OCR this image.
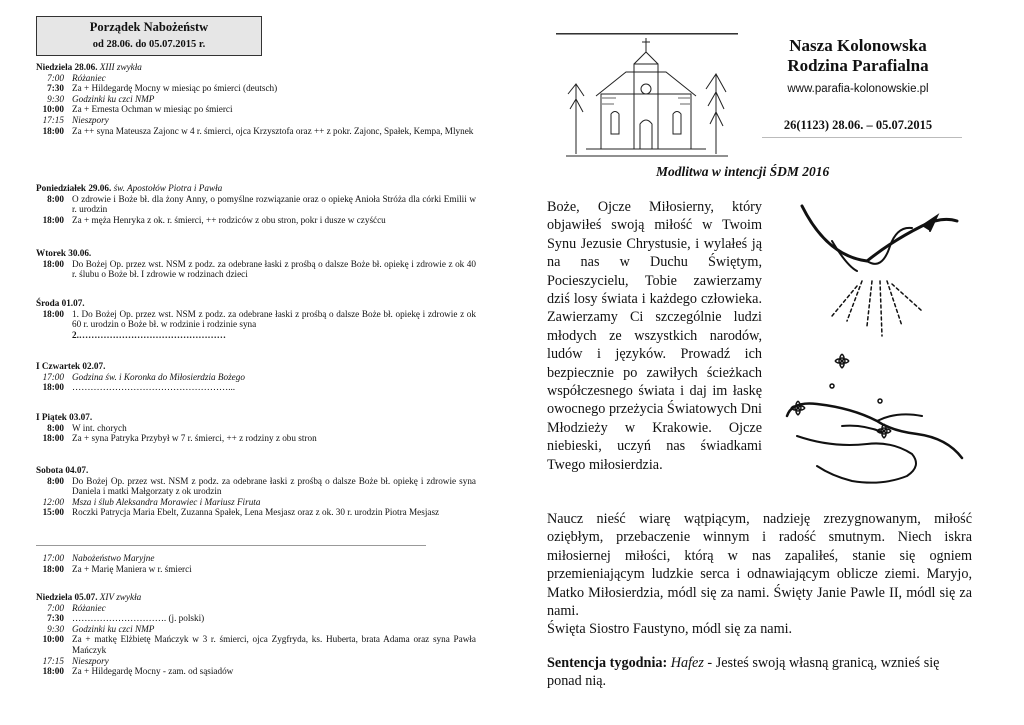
Porządek Nabożeństw
od 28.06. do 05.07.2015 r.
Niedziela 28.06. XIII zwykła
7:00 Różaniec
7:30 Za + Hildegardę Mocny w miesiąc po śmierci (deutsch)
9:30 Godzinki ku czci NMP
10:00 Za + Ernesta Ochman w miesiąc po śmierci
17:15 Nieszpory
18:00 Za ++ syna Mateusza Zajonc w 4 r. śmierci, ojca Krzysztofa oraz ++ z pokr. Zajonc, Spałek, Kempa, Mlynek
Poniedziałek 29.06. św. Apostołów Piotra i Pawła
8:00 O zdrowie i Boże bł. dla żony Anny, o pomyślne rozwiązanie oraz o opiekę Anioła Stróża dla córki Emilii w r. urodzin
18:00 Za + męża Henryka z ok. r. śmierci, ++ rodziców z obu stron, pokr i dusze w czyśćcu
Wtorek 30.06.
18:00 Do Bożej Op. przez wst. NSM z podz. za odebrane łaski z prośbą o dalsze Boże bł. opiekę i zdrowie z ok 40 r. ślubu o Boże bł. I zdrowie w rodzinach dzieci
Środa 01.07.
18:00 1. Do Bożej Op. przez wst. NSM z podz. za odebrane łaski z prośbą o dalsze Boże bł. opiekę i zdrowie z ok 60 r. urodzin o Boże bł. w rodzinie i rodzinie syna
2.…………………………………………
I Czwartek 02.07.
17:00 Godzina św. i Koronka do Miłosierdzia Bożego
18:00 ……………………………………………...
I Piątek 03.07.
8:00 W int. chorych
18:00 Za + syna Patryka Przybył w 7 r. śmierci, ++ z rodziny z obu stron
Sobota 04.07.
8:00 Do Bożej Op. przez wst. NSM z podz. za odebrane łaski z prośbą o dalsze Boże bł. opiekę i zdrowie syna Daniela i matki Małgorzaty z ok urodzin
12:00 Msza i ślub Aleksandra Morawiec i Mariusz Firuta
15:00 Roczki Patrycja Maria Ebelt, Zuzanna Spałek, Lena Mesjasz oraz z ok. 30 r. urodzin Piotra Mesjasz
17:00 Nabożeństwo Maryjne
18:00 Za + Marię Maniera w r. śmierci
Niedziela 05.07. XIV zwykła
7:00 Różaniec
7:30 …………………………. (j. polski)
9:30 Godzinki ku czci NMP
10:00 Za + matkę Elżbietę Mańczyk w 3 r. śmierci, ojca Zygfryda, ks. Huberta, brata Adama oraz syna Pawła Mańczyk
17:15 Nieszpory
18:00 Za + Hildegardę Mocny - zam. od sąsiadów
Nasza Kolonowska
Rodzina Parafialna
www.parafia-kolonowskie.pl
26(1123) 28.06. – 05.07.2015
Modlitwa w intencji ŚDM 2016
Boże, Ojcze Miłosierny, który objawiłeś swoją miłość w Twoim Synu Jezusie Chrystusie, i wylałeś ją na nas w Duchu Świętym, Pocieszycielu, Tobie zawierzamy dziś losy świata i każdego człowieka. Zawierzamy Ci szczególnie ludzi młodych ze wszystkich narodów, ludów i języków. Prowadź ich bezpiecznie po zawiłych ścieżkach współczesnego świata i daj im łaskę owocnego przeżycia Światowych Dni Młodzieży w Krakowie. Ojcze niebieski, uczyń nas świadkami Twego miłosierdzia.
Naucz nieść wiarę wątpiącym, nadzieję zrezygnowanym, miłość oziębłym, przebaczenie winnym i radość smutnym. Niech iskra miłosiernej miłości, którą w nas zapaliłeś, stanie się ogniem przemieniającym ludzkie serca i odnawiającym oblicze ziemi. Maryjo, Matko Miłosierdzia, módl się za nami. Święty Janie Pawle II, módl się za nami.
Święta Siostro Faustyno, módl się za nami.
Sentencja tygodnia: Hafez - Jesteś swoją własną granicą, wznieś się ponad nią.
